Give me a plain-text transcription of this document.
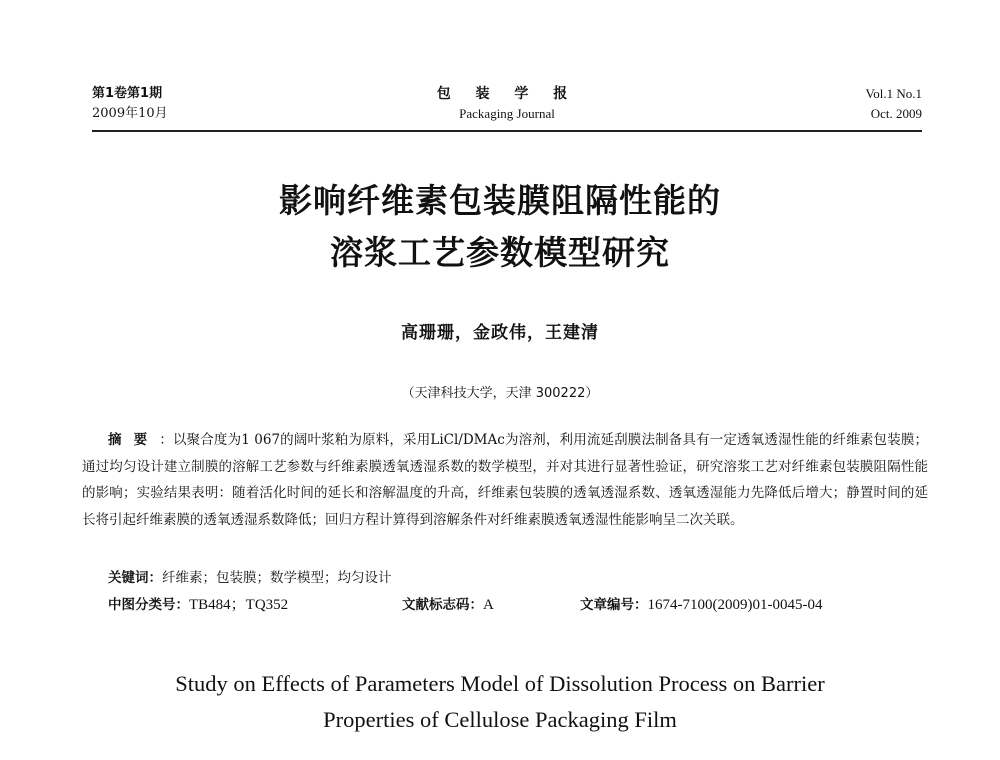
第1卷第1期
2009年10月
包 装 学 报
Packaging Journal
Vol.1 No.1
Oct. 2009
影响纤维素包装膜阻隔性能的
溶浆工艺参数模型研究
高珊珊，金政伟，王建清
（天津科技大学，天津 300222）
摘要：以聚合度为1 067的阔叶浆粕为原料，采用LiCl/DMAc为溶剂，利用流延刮膜法制备具有一定透氧透湿性能的纤维素包装膜；通过均匀设计建立制膜的溶解工艺参数与纤维素膜透氧透湿系数的数学模型，并对其进行显著性验证，研究溶浆工艺对纤维素包装膜阻隔性能的影响；实验结果表明：随着活化时间的延长和溶解温度的升高，纤维素包装膜的透氧透湿系数、透氧透湿能力先降低后增大；静置时间的延长将引起纤维素膜的透氧透湿系数降低；回归方程计算得到溶解条件对纤维素膜透氧透湿性能影响呈二次关联。
关键词：纤维素；包装膜；数学模型；均匀设计
中图分类号：TB484；TQ352	文献标志码：A	文章编号：1674-7100(2009)01-0045-04
Study on Effects of Parameters Model of Dissolution Process on Barrier
Properties of Cellulose Packaging Film
